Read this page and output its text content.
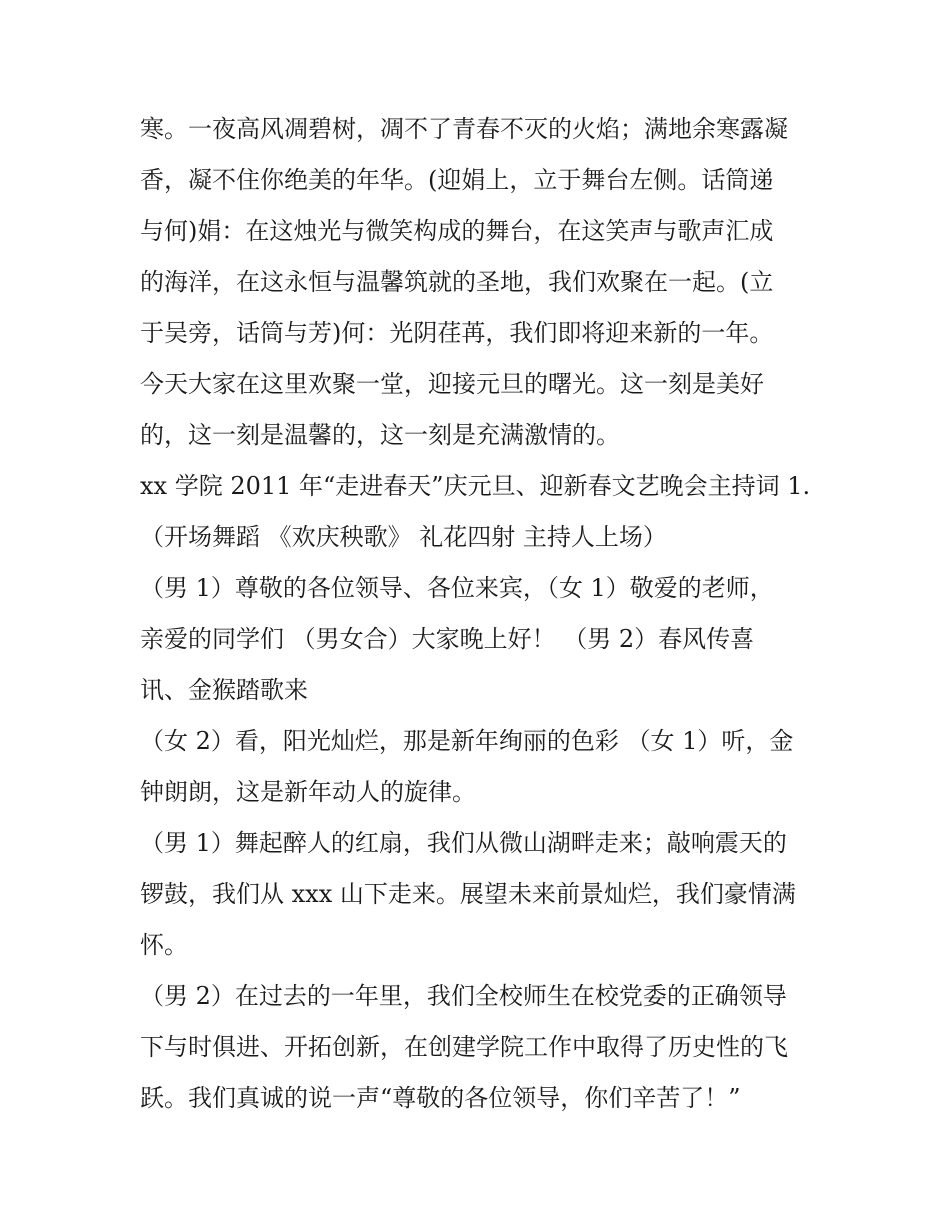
寒。一夜高风凋碧树，凋不了青春不灭的火焰；满地余寒露凝
香，凝不住你绝美的年华。(迎娟上，立于舞台左侧。话筒递
与何)娟：在这烛光与微笑构成的舞台，在这笑声与歌声汇成
的海洋，在这永恒与温馨筑就的圣地，我们欢聚在一起。(立
于吴旁，话筒与芳)何：光阴荏苒，我们即将迎来新的一年。
今天大家在这里欢聚一堂，迎接元旦的曙光。这一刻是美好
的，这一刻是温馨的，这一刻是充满激情的。
xx 学院 2011 年“走进春天”庆元旦、迎新春文艺晚会主持词 1.
（开场舞蹈 《欢庆秧歌》 礼花四射 主持人上场）
（男 1）尊敬的各位领导、各位来宾，（女 1）敬爱的老师，
亲爱的同学们 （男女合）大家晚上好！ （男 2）春风传喜
讯、金猴踏歌来
（女 2）看，阳光灿烂，那是新年绚丽的色彩 （女 1）听，金
钟朗朗，这是新年动人的旋律。
（男 1）舞起醉人的红扇，我们从微山湖畔走来；敲响震天的
锣鼓，我们从 xxx 山下走来。展望未来前景灿烂，我们豪情满
怀。
（男 2）在过去的一年里，我们全校师生在校党委的正确领导
下与时俱进、开拓创新，在创建学院工作中取得了历史性的飞
跃。我们真诚的说一声“尊敬的各位领导，你们辛苦了！”
